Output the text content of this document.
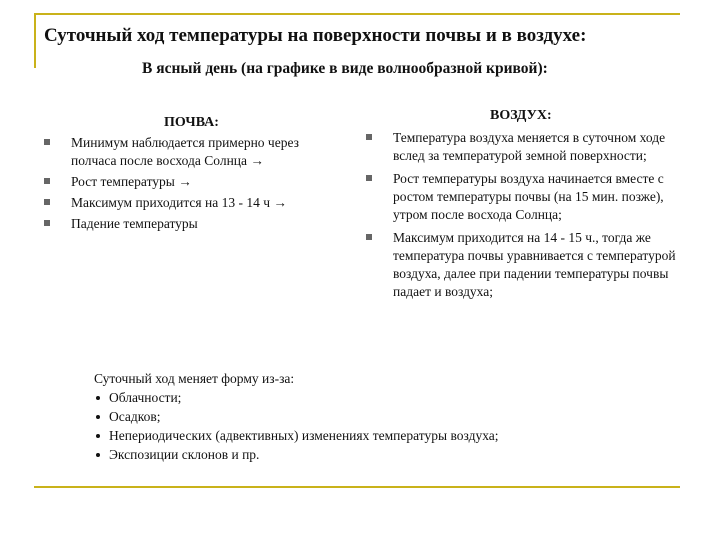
Суточный ход температуры на поверхности почвы и в воздухе:
В ясный день (на графике в виде волнообразной кривой):
ПОЧВА:
Минимум наблюдается примерно через полчаса после восхода Солнца →
Рост температуры →
Максимум приходится на 13 - 14 ч →
Падение температуры
ВОЗДУХ:
Температура воздуха меняется в суточном ходе вслед за температурой земной поверхности;
Рост температуры воздуха начинается вместе с ростом температуры почвы (на 15 мин. позже), утром после восхода Солнца;
Максимум приходится на 14 - 15 ч., тогда же температура почвы уравнивается с температурой воздуха, далее при падении температуры почвы падает и воздуха;
Суточный ход меняет форму из-за:
Облачности;
Осадков;
Непериодических (адвективных) изменениях температуры воздуха;
Экспозиции склонов и пр.
